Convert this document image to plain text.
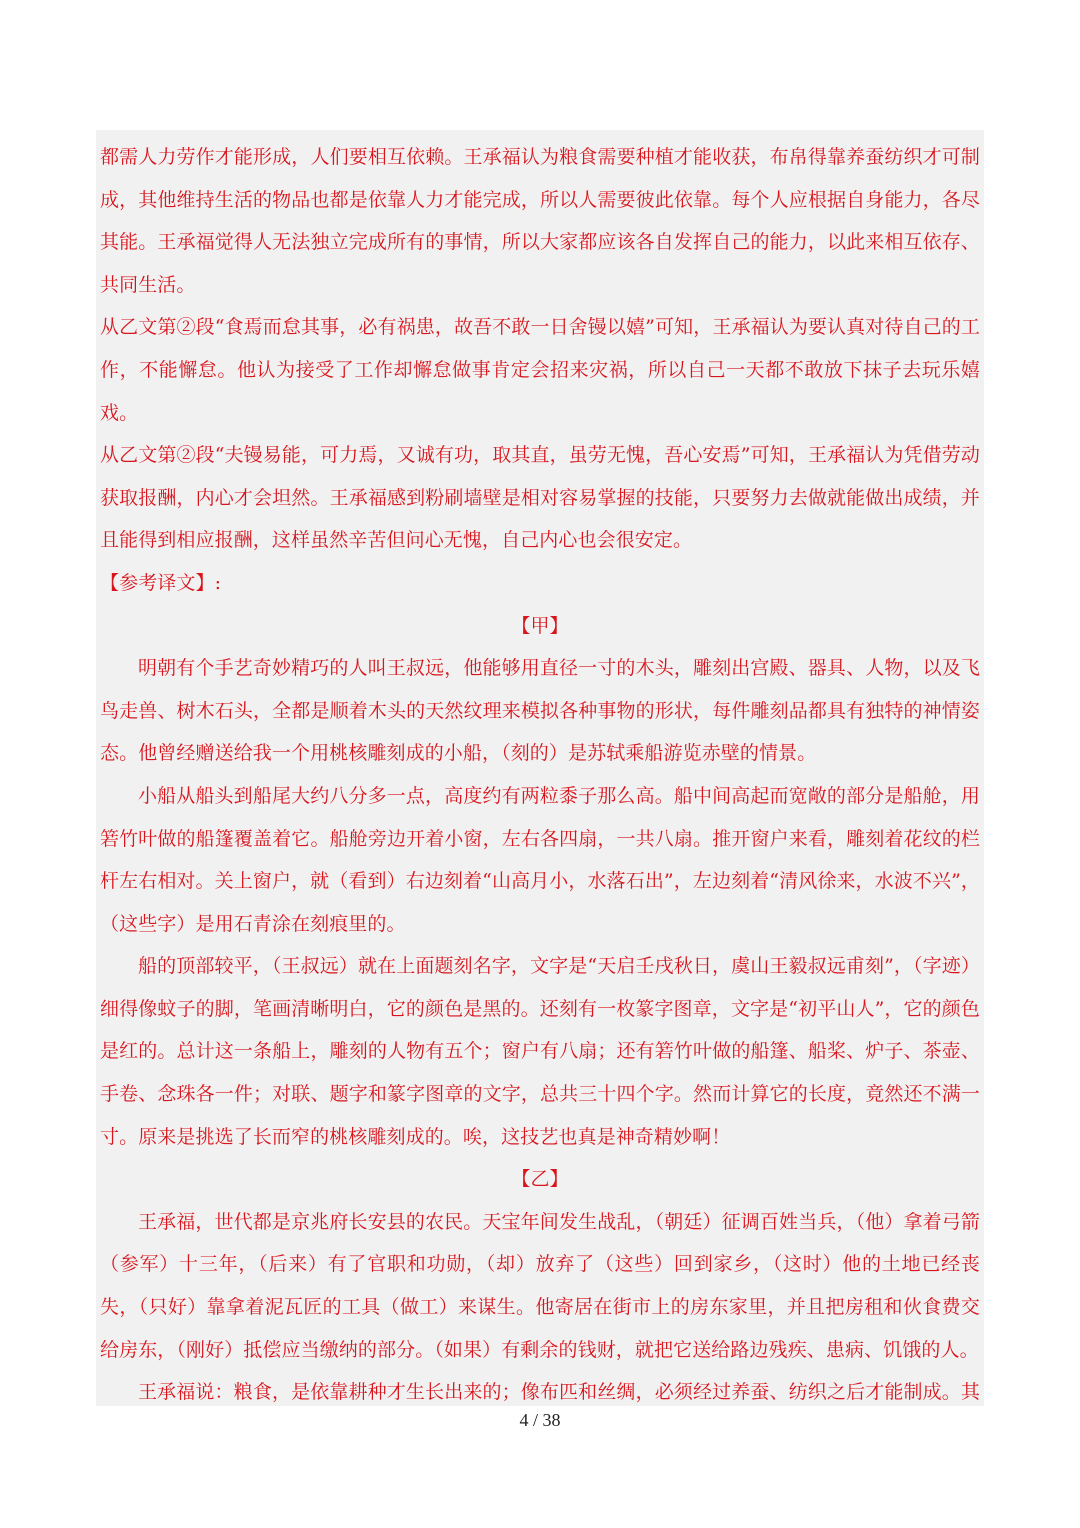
都需人力劳作才能形成，人们要相互依赖。王承福认为粮食需要种植才能收获，布帛得靠养蚕纺织才可制成，其他维持生活的物品也都是依靠人力才能完成，所以人需要彼此依靠。每个人应根据自身能力，各尽其能。王承福觉得人无法独立完成所有的事情，所以大家都应该各自发挥自己的能力，以此来相互依存、共同生活。

从乙文第②段“食焉而怠其事，必有祸患，故吾不敢一日舍镘以嬉”可知，王承福认为要认真对待自己的工作，不能懈怠。他认为接受了工作却懈怠做事肯定会招来灾祸，所以自己一天都不敢放下抹子去玩乐嬉戏。

从乙文第②段“夫镘易能，可力焉，又诚有功，取其直，虽劳无愧，吾心安焉”可知，王承福认为凭借劳动获取报酬，内心才会坦然。王承福感到粉刷墙壁是相对容易掌握的技能，只要努力去做就能做出成绩，并且能得到相应报酬，这样虽然辛苦但问心无愧，自己内心也会很安定。

【参考译文】:

【甲】

明朝有个手艺奇妙精巧的人叫王叔远，他能够用直径一寸的木头，雕刻出宫殿、器具、人物，以及飞鸟走兽、树木石头，全都是顺着木头的天然纹理来模拟各种事物的形状，每件雕刻品都具有独特的神情姿态。他曾经赠送给我一个用桃核雕刻成的小船，（刻的）是苏轼乘船游览赤壁的情景。

小船从船头到船尾大约八分多一点，高度约有两粒黍子那么高。船中间高起而宽敞的部分是船舱，用箬竹叶做的船篷覆盖着它。船舱旁边开着小窗，左右各四扇，一共八扇。推开窗户来看，雕刻着花纹的栏杆左右相对。关上窗户，就（看到）右边刻着“山高月小，水落石出”，左边刻着“清风徐来，水波不兴”，（这些字）是用石青涂在刻痕里的。

船的顶部较平，（王叔远）就在上面题刻名字，文字是“天启壬戌秋日，虞山王毅叔远甫刻”，（字迹）细得像蚊子的脚，笔画清晰明白，它的颜色是黑的。还刻有一枚篆字图章，文字是“初平山人”，它的颜色是红的。总计这一条船上，雕刻的人物有五个；窗户有八扇；还有箬竹叶做的船篷、船桨、炉子、茶壶、手卷、念珠各一件；对联、题字和篆字图章的文字，总共三十四个字。然而计算它的长度，竟然还不满一寸。原来是挑选了长而窄的桃核雕刻成的。唉，这技艺也真是神奇精妙啊！

【乙】

王承福，世代都是京兆府长安县的农民。天宝年间发生战乱，（朝廷）征调百姓当兵，（他）拿着弓箭（参军）十三年，（后来）有了官职和功勋，（却）放弃了（这些）回到家乡，（这时）他的土地已经丧失，（只好）靠拿着泥瓦匠的工具（做工）来谋生。他寄居在街市上的房东家里，并且把房租和伙食费交给房东，（刚好）抵偿应当缴纳的部分。（如果）有剩余的钱财，就把它送给路边残疾、患病、饥饿的人。

王承福说：粮食，是依靠耕种才生长出来的；像布匹和丝绸，必须经过养蚕、纺织之后才能制成。其

4 / 38
